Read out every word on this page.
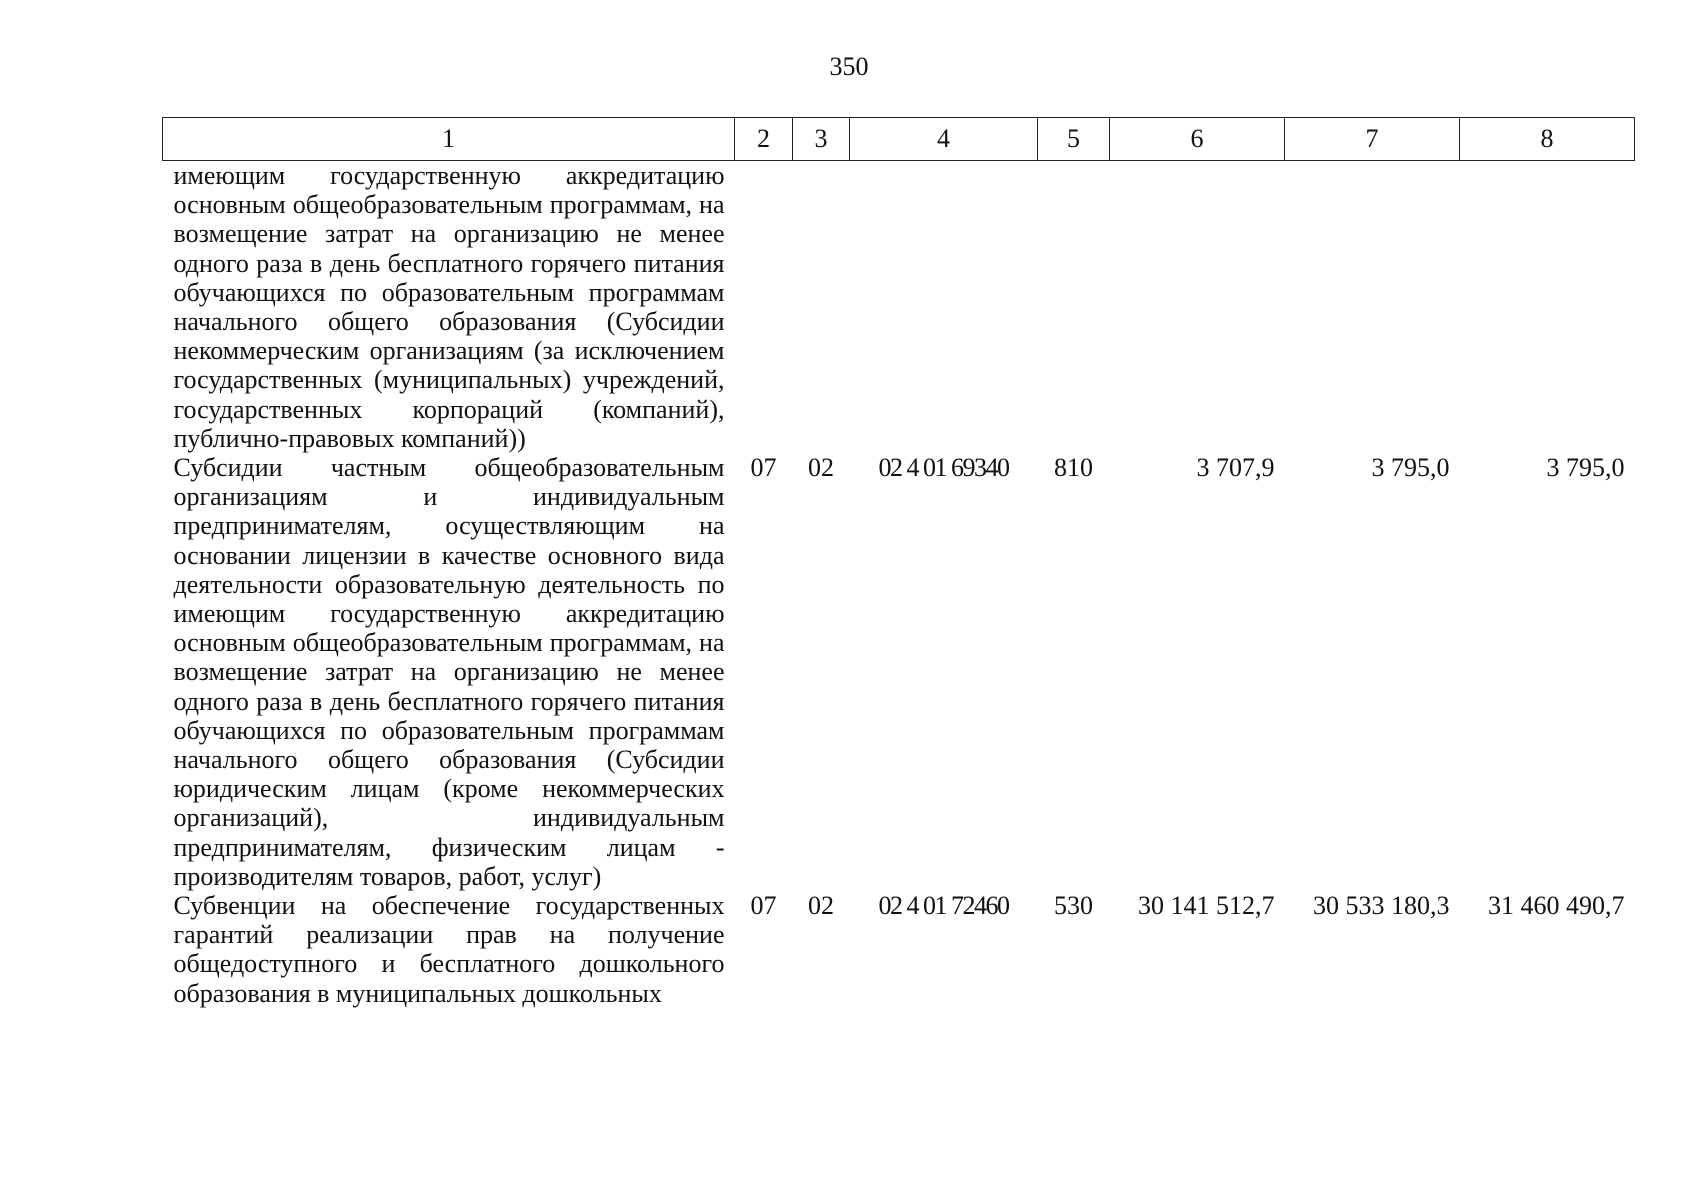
350
1	2	3	4	5	6	7	8

имеющим государственную аккредитацию основным общеобразовательным программам, на возмещение затрат на организацию не менее одного раза в день бесплатного горячего питания обучающихся по образовательным программам начального общего образования (Субсидии некоммерческим организациям (за исключением государственных (муниципальных) учреждений, государственных корпораций (компаний), публично-правовых компаний))							

Субсидии частным общеобразовательным организациям и индивидуальным предпринимателям, осуществляющим на основании лицензии в качестве основного вида деятельности образовательную деятельность по имеющим государственную аккредитацию основным общеобразовательным программам, на возмещение затрат на организацию не менее одного раза в день бесплатного горячего питания обучающихся по образовательным программам начального общего образования (Субсидии юридическим лицам (кроме некоммерческих организаций), индивидуальным предпринимателям, физическим лицам - производителям товаров, работ, услуг)	07	02	02 4 01 69340	810	3 707,9	3 795,0	3 795,0

Субвенции на обеспечение государственных гарантий реализации прав на получение общедоступного и бесплатного дошкольного образования в муниципальных дошкольных	07	02	02 4 01 72460	530	30 141 512,7	30 533 180,3	31 460 490,7
